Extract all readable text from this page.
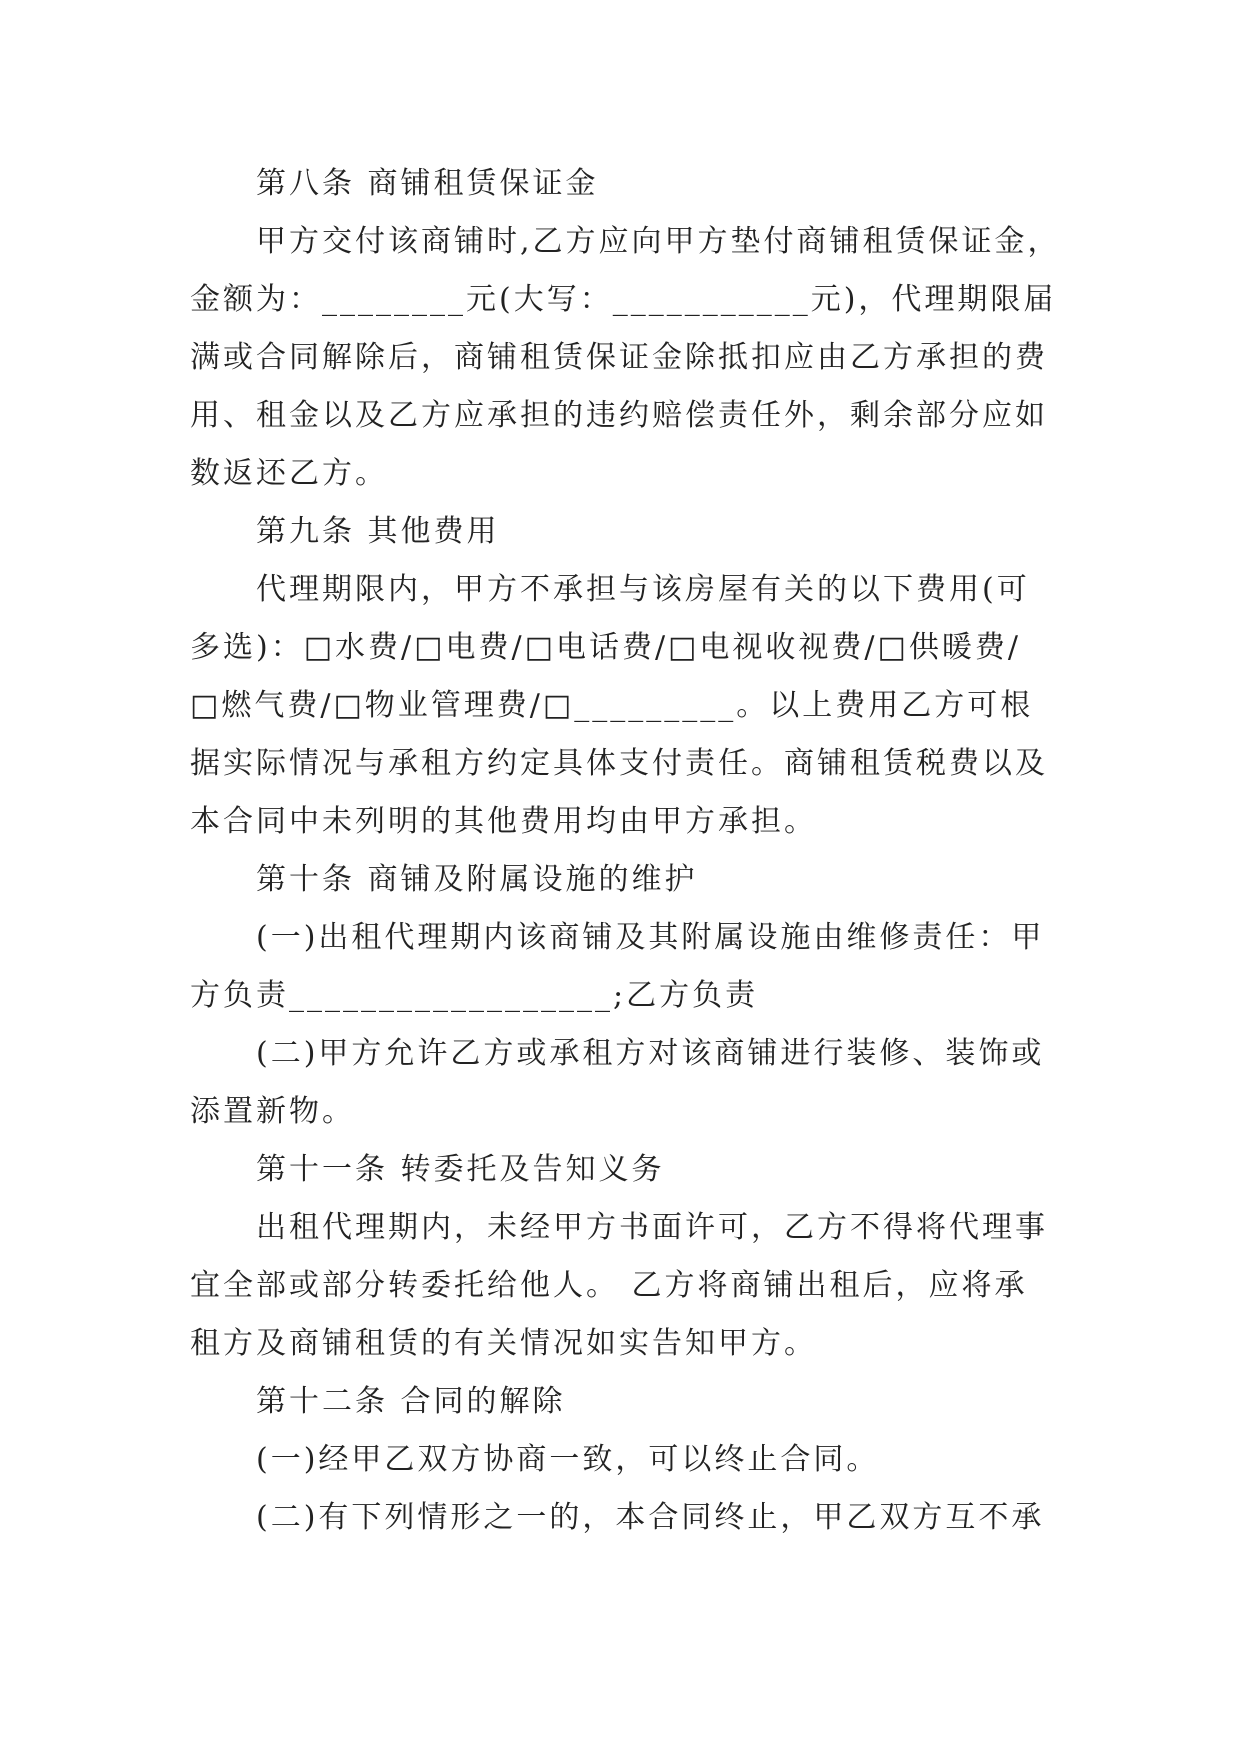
第八条 商铺租赁保证金
甲方交付该商铺时,乙方应向甲方垫付商铺租赁保证金，
金额为：________元(大写：___________元)，代理期限届
满或合同解除后，商铺租赁保证金除抵扣应由乙方承担的费
用、租金以及乙方应承担的违约赔偿责任外，剩余部分应如
数返还乙方。
第九条 其他费用
代理期限内，甲方不承担与该房屋有关的以下费用(可
多选)：□水费/□电费/□电话费/□电视收视费/□供暖费/
□燃气费/□物业管理费/□_________。以上费用乙方可根
据实际情况与承租方约定具体支付责任。商铺租赁税费以及
本合同中未列明的其他费用均由甲方承担。
第十条 商铺及附属设施的维护
(一)出租代理期内该商铺及其附属设施由维修责任：甲
方负责__________________;乙方负责
(二)甲方允许乙方或承租方对该商铺进行装修、装饰或
添置新物。
第十一条 转委托及告知义务
出租代理期内，未经甲方书面许可，乙方不得将代理事
宜全部或部分转委托给他人。 乙方将商铺出租后，应将承
租方及商铺租赁的有关情况如实告知甲方。
第十二条 合同的解除
(一)经甲乙双方协商一致，可以终止合同。
(二)有下列情形之一的，本合同终止，甲乙双方互不承
